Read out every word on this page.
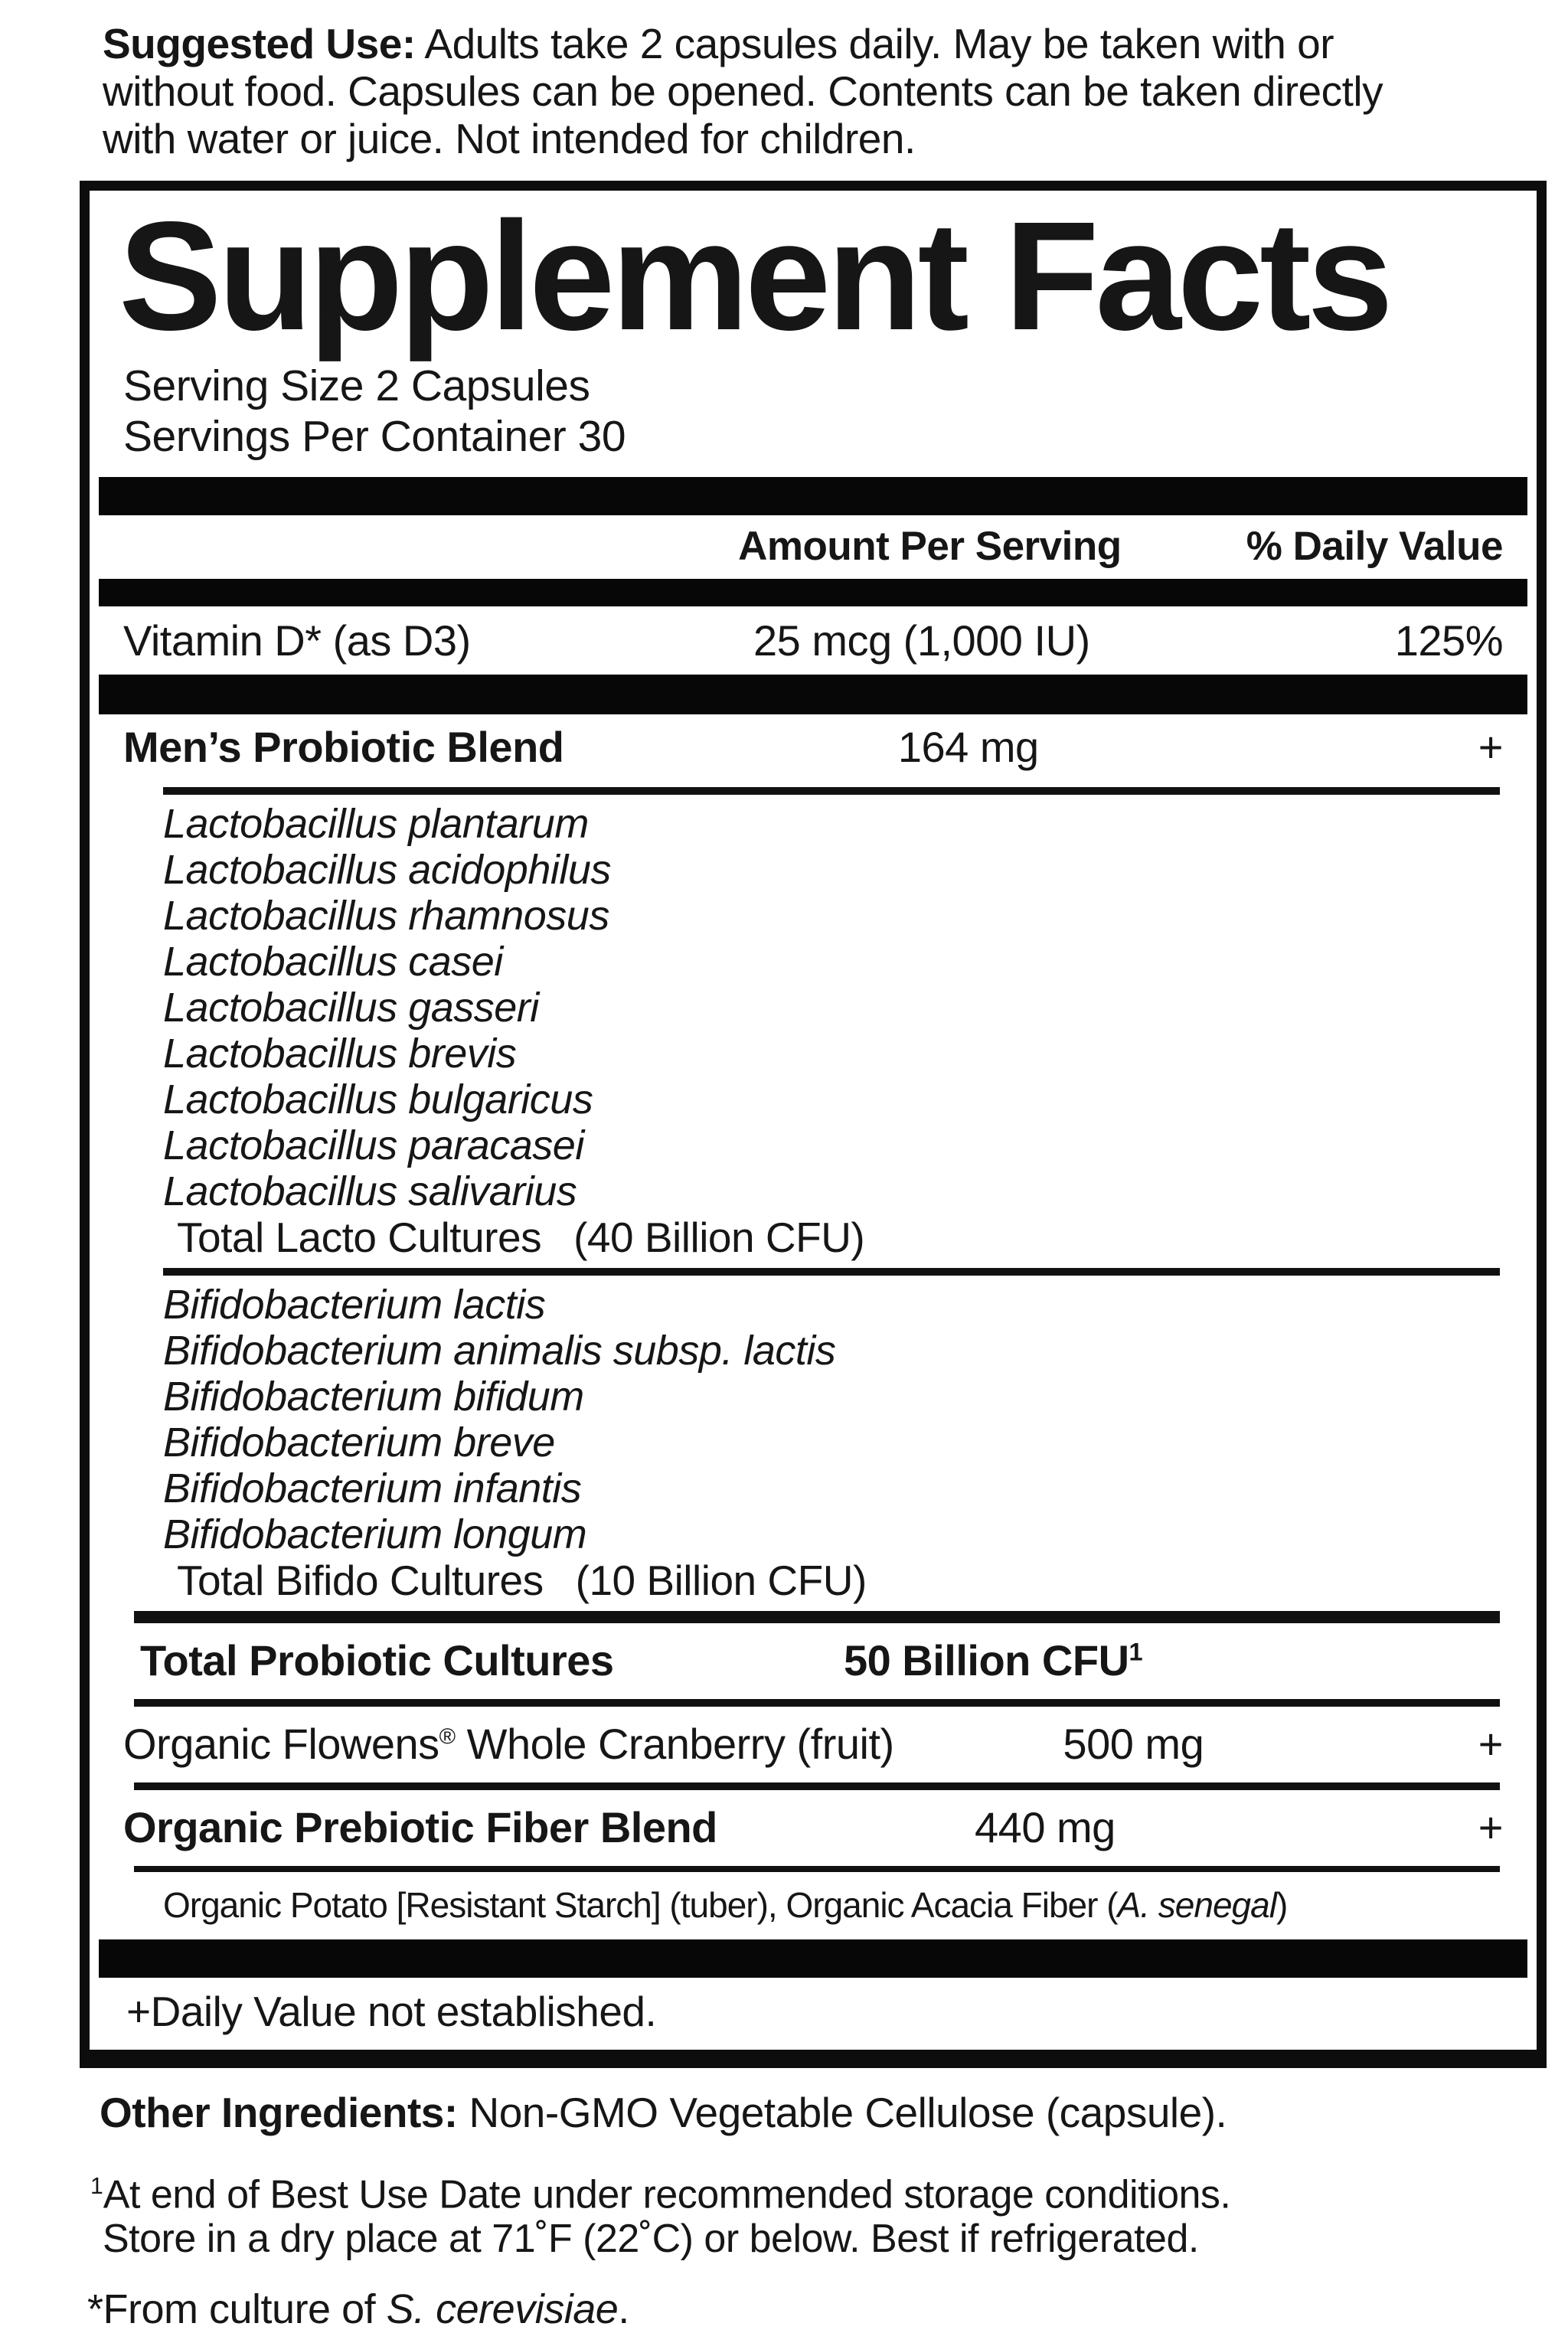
Suggested Use: Adults take 2 capsules daily. May be taken with or without food. Capsules can be opened. Contents can be taken directly with water or juice. Not intended for children.
Supplement Facts
Serving Size 2 Capsules
Servings Per Container 30
Amount Per Serving	% Daily Value
Vitamin D* (as D3)	25 mcg (1,000 IU)	125%
Men’s Probiotic Blend	164 mg	+
Lactobacillus plantarum
Lactobacillus acidophilus
Lactobacillus rhamnosus
Lactobacillus casei
Lactobacillus gasseri
Lactobacillus brevis
Lactobacillus bulgaricus
Lactobacillus paracasei
Lactobacillus salivarius
Total Lacto Cultures (40 Billion CFU)
Bifidobacterium lactis
Bifidobacterium animalis subsp. lactis
Bifidobacterium bifidum
Bifidobacterium breve
Bifidobacterium infantis
Bifidobacterium longum
Total Bifido Cultures (10 Billion CFU)
Total Probiotic Cultures	50 Billion CFU$^1$
Organic Flowens® Whole Cranberry (fruit)	500 mg	+
Organic Prebiotic Fiber Blend	440 mg	+
Organic Potato [Resistant Starch] (tuber), Organic Acacia Fiber (A. senegal)
+Daily Value not established.
Other Ingredients: Non-GMO Vegetable Cellulose (capsule).
$^1$At end of Best Use Date under recommended storage conditions.
Store in a dry place at 71˚F (22˚C) or below. Best if refrigerated.
*From culture of S. cerevisiae.
